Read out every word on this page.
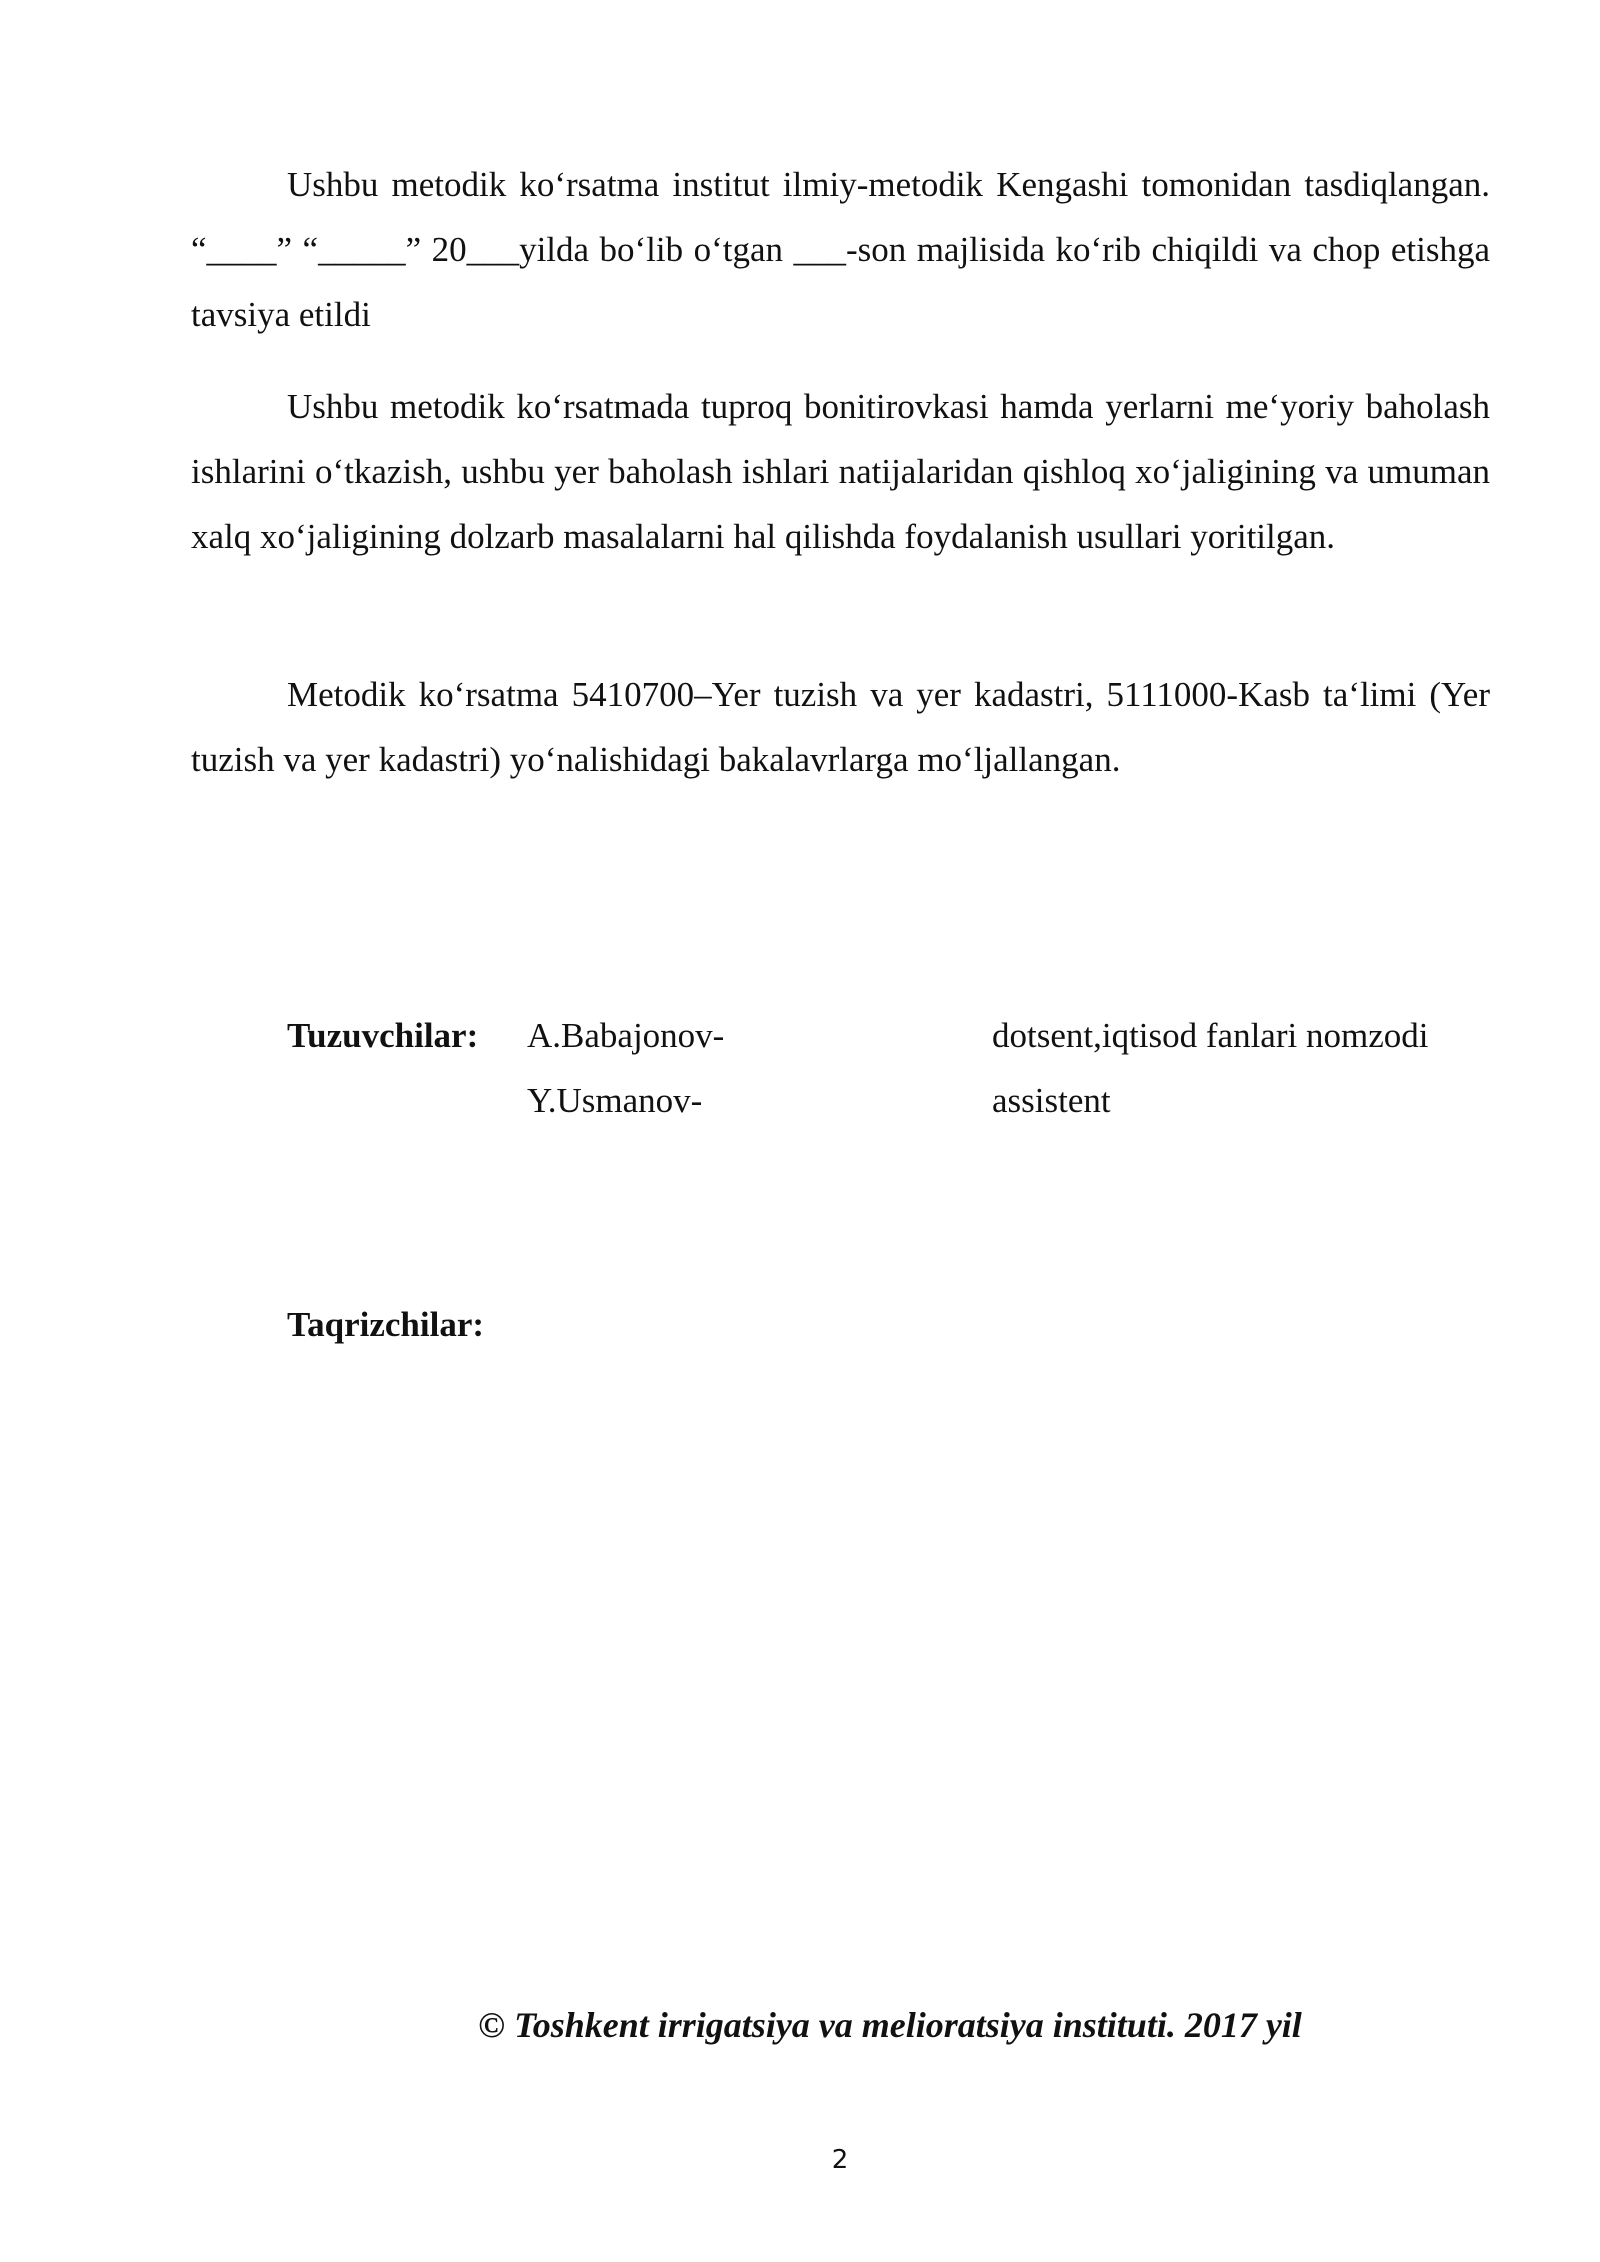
Ushbu metodik ko‘rsatma institut ilmiy-metodik Kengashi tomonidan tasdiqlangan. “____” “_____” 20___yilda bo‘lib o‘tgan ___-son majlisida ko‘rib chiqildi va chop etishga tavsiya etildi

Ushbu metodik ko‘rsatmada tuproq bonitirovkasi hamda yerlarni me‘yoriy baholash ishlarini o‘tkazish, ushbu yer baholash ishlari natijalaridan qishloq xo‘jaligining va umuman xalq xo‘jaligining dolzarb masalalarni hal qilishda foydalanish usullari yoritilgan.

Metodik ko‘rsatma 5410700–Yer tuzish va yer kadastri, 5111000-Kasb ta‘limi (Yer tuzish va yer kadastri) yo‘nalishidagi bakalavrlarga mo‘ljallangan.

Tuzuvchilar: A.Babajonov-	dotsent,iqtisod fanlari nomzodi
Y.Usmanov-	assistent
Taqrizchilar:
© Toshkent irrigatsiya va melioratsiya instituti. 2017 yil
2
